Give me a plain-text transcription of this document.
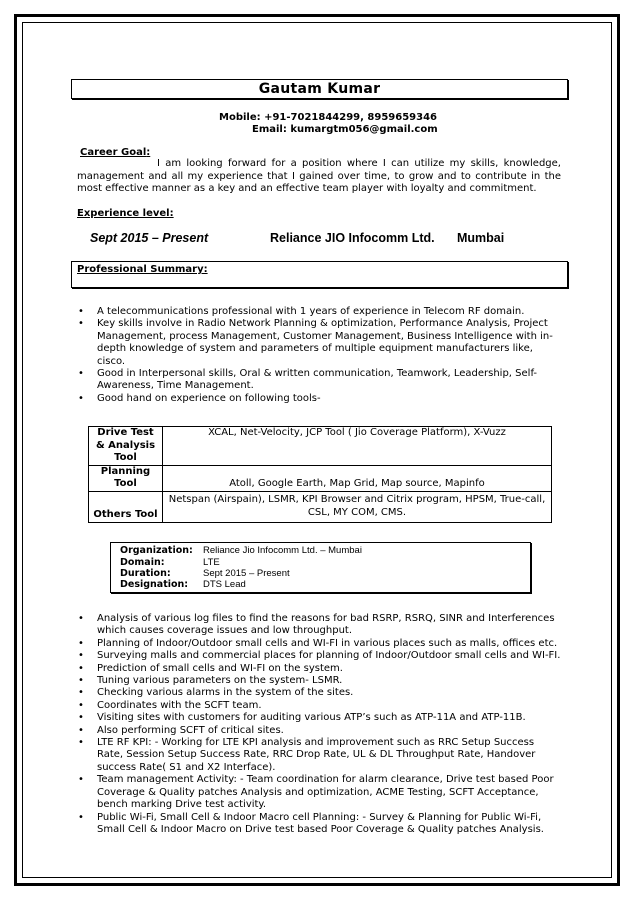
Gautam Kumar
Mobile: +91-7021844299, 8959659346
Email: kumargtm056@gmail.com
Career Goal:
I am looking forward for a position where I can utilize my skills, knowledge, management and all my experience that I gained over time, to grow and to contribute in the most effective manner as a key and an effective team player with loyalty and commitment.
Experience level:
Sept 2015 – Present	Reliance JIO Infocomm Ltd. Mumbai
Professional Summary:
• A telecommunications professional with 1 years of experience in Telecom RF domain.
• Key skills involve in Radio Network Planning & optimization, Performance Analysis, Project Management, process Management, Customer Management, Business Intelligence with in-depth knowledge of system and parameters of multiple equipment manufacturers like, cisco.
• Good in Interpersonal skills, Oral & written communication, Teamwork, Leadership, Self-Awareness, Time Management.
• Good hand on experience on following tools-
Drive Test & Analysis Tool	XCAL, Net-Velocity, JCP Tool ( Jio Coverage Platform), X-Vuzz
Planning Tool	Atoll, Google Earth, Map Grid, Map source, Mapinfo
Others Tool	Netspan (Airspain), LSMR, KPI Browser and Citrix program, HPSM, True-call, CSL, MY COM, CMS.
Organization: Reliance Jio Infocomm Ltd. – Mumbai
Domain:	LTE
Duration:	Sept 2015 – Present
Designation: DTS Lead
• Analysis of various log files to find the reasons for bad RSRP, RSRQ, SINR and Interferences which causes coverage issues and low throughput.
• Planning of Indoor/Outdoor small cells and WI-FI in various places such as malls, offices etc.
• Surveying malls and commercial places for planning of Indoor/Outdoor small cells and WI-FI.
• Prediction of small cells and WI-FI on the system.
• Tuning various parameters on the system- LSMR.
• Checking various alarms in the system of the sites.
• Coordinates with the SCFT team.
• Visiting sites with customers for auditing various ATP’s such as ATP-11A and ATP-11B.
• Also performing SCFT of critical sites.
• LTE RF KPI: - Working for LTE KPI analysis and improvement such as RRC Setup Success Rate, Session Setup Success Rate, RRC Drop Rate, UL & DL Throughput Rate, Handover success Rate( S1 and X2 Interface).
• Team management Activity: - Team coordination for alarm clearance, Drive test based Poor Coverage & Quality patches Analysis and optimization, ACME Testing, SCFT Acceptance, bench marking Drive test activity.
• Public Wi-Fi, Small Cell & Indoor Macro cell Planning: - Survey & Planning for Public Wi-Fi, Small Cell & Indoor Macro on Drive test based Poor Coverage & Quality patches Analysis.
